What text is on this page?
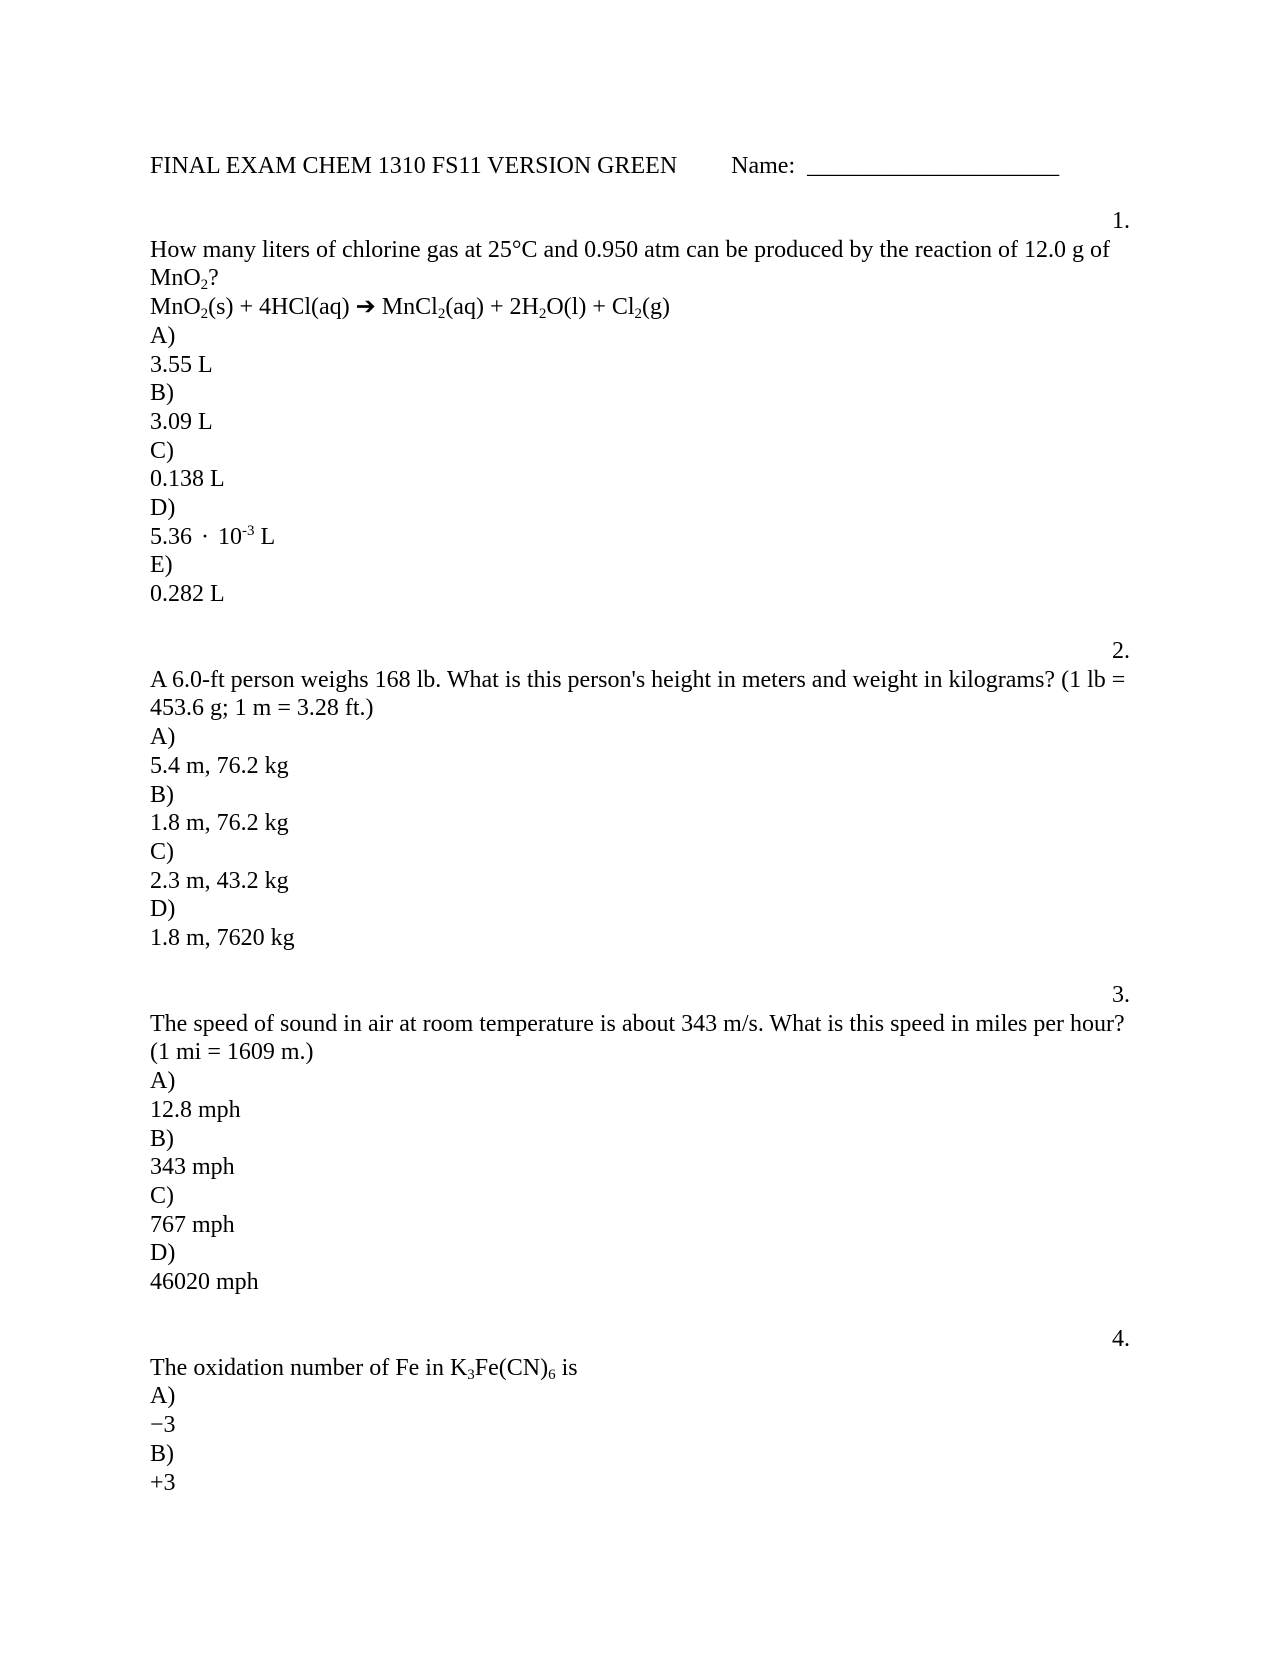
FINAL EXAM CHEM 1310 FS11 VERSION GREEN Name: _____________________
1.
How many liters of chlorine gas at 25°C and 0.950 atm can be produced by the reaction of 12.0 g of MnO$_2$?
MnO$_2$(s) + 4HCl(aq) ➔ MnCl$_2$(aq) + $2H_2O(l) + Cl_2(g)$
A)
3.55 L
B)
3.09 L
C)
0.138 L
D)
$5.36 \cdot 10^{-3}$ L
E)
0.282 L
2.
A 6.0-ft person weighs 168 lb. What is this person's height in meters and weight in kilograms? (1 lb = 453.6 g; 1 m = 3.28 ft.)
A)
5.4 m, 76.2 kg
B)
1.8 m, 76.2 kg
C)
2.3 m, 43.2 kg
D)
1.8 m, 7620 kg
3.
The speed of sound in air at room temperature is about 343 m/s. What is this speed in miles per hour? (1 mi = 1609 m.)
A)
12.8 mph
B)
343 mph
C)
767 mph
D)
46020 mph
4.
The oxidation number of Fe in $K_3Fe(CN)_6$ is
A)
−3
B)
+3
